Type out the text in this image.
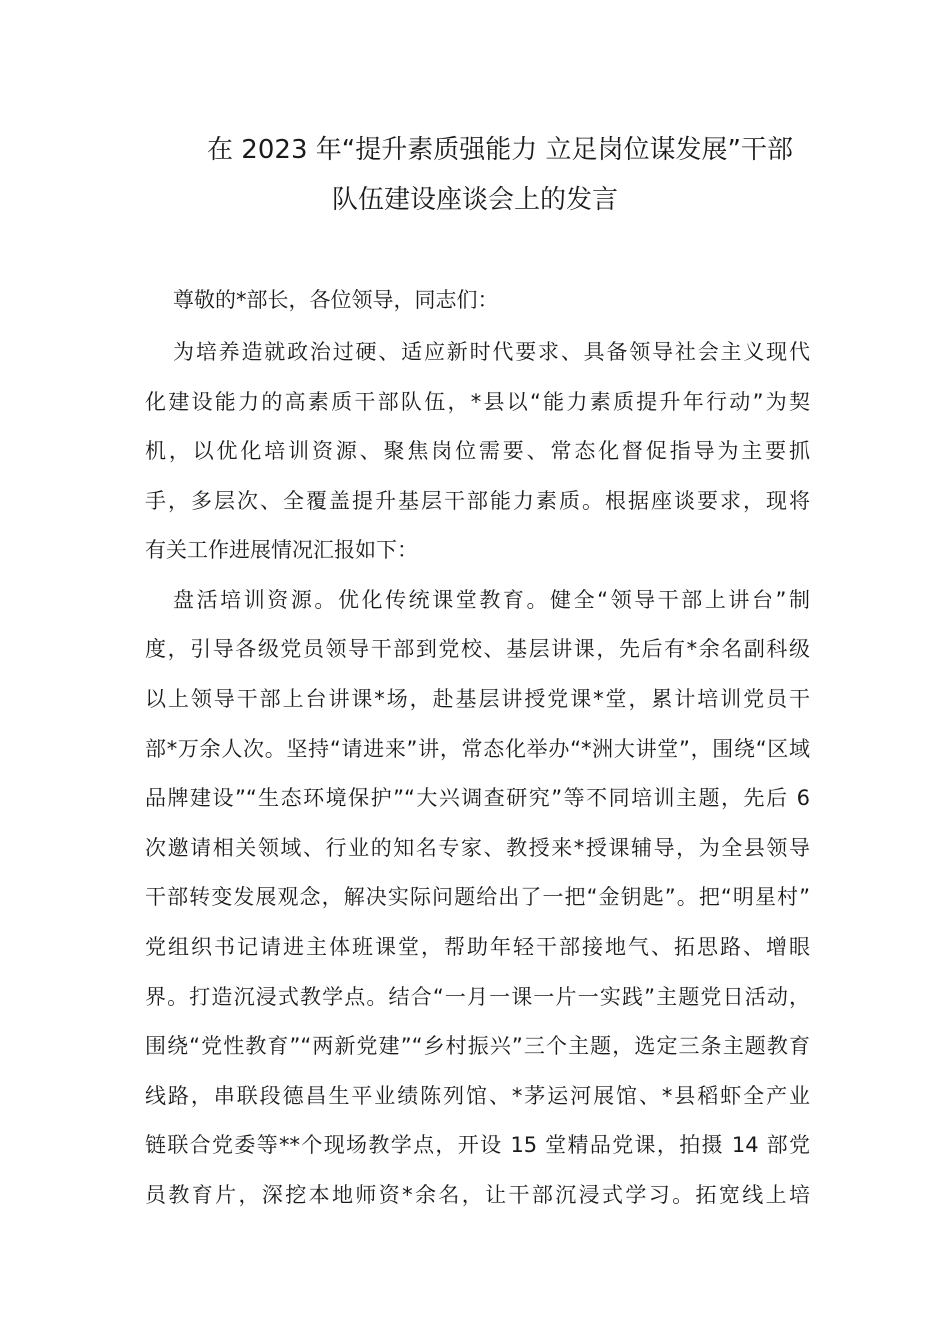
在 2023 年“提升素质强能力 立足岗位谋发展”干部
队伍建设座谈会上的发言
尊敬的*部长，各位领导，同志们：
为培养造就政治过硬、适应新时代要求、具备领导社会主义现代
化建设能力的高素质干部队伍，*县以“能力素质提升年行动”为契
机，以优化培训资源、聚焦岗位需要、常态化督促指导为主要抓
手，多层次、全覆盖提升基层干部能力素质。根据座谈要求，现将
有关工作进展情况汇报如下：
盘活培训资源。优化传统课堂教育。健全“领导干部上讲台”制
度，引导各级党员领导干部到党校、基层讲课，先后有*余名副科级
以上领导干部上台讲课*场，赴基层讲授党课*堂，累计培训党员干
部*万余人次。坚持“请进来”讲，常态化举办“*洲大讲堂”，围绕“区域
品牌建设”“生态环境保护”“大兴调查研究”等不同培训主题，先后 6
次邀请相关领域、行业的知名专家、教授来*授课辅导，为全县领导
干部转变发展观念，解决实际问题给出了一把“金钥匙”。把“明星村”
党组织书记请进主体班课堂，帮助年轻干部接地气、拓思路、增眼
界。打造沉浸式教学点。结合“一月一课一片一实践”主题党日活动，
围绕“党性教育”“两新党建”“乡村振兴”三个主题，选定三条主题教育
线路，串联段德昌生平业绩陈列馆、*茅运河展馆、*县稻虾全产业
链联合党委等**个现场教学点，开设 15 堂精品党课，拍摄 14 部党
员教育片，深挖本地师资*余名，让干部沉浸式学习。拓宽线上培
